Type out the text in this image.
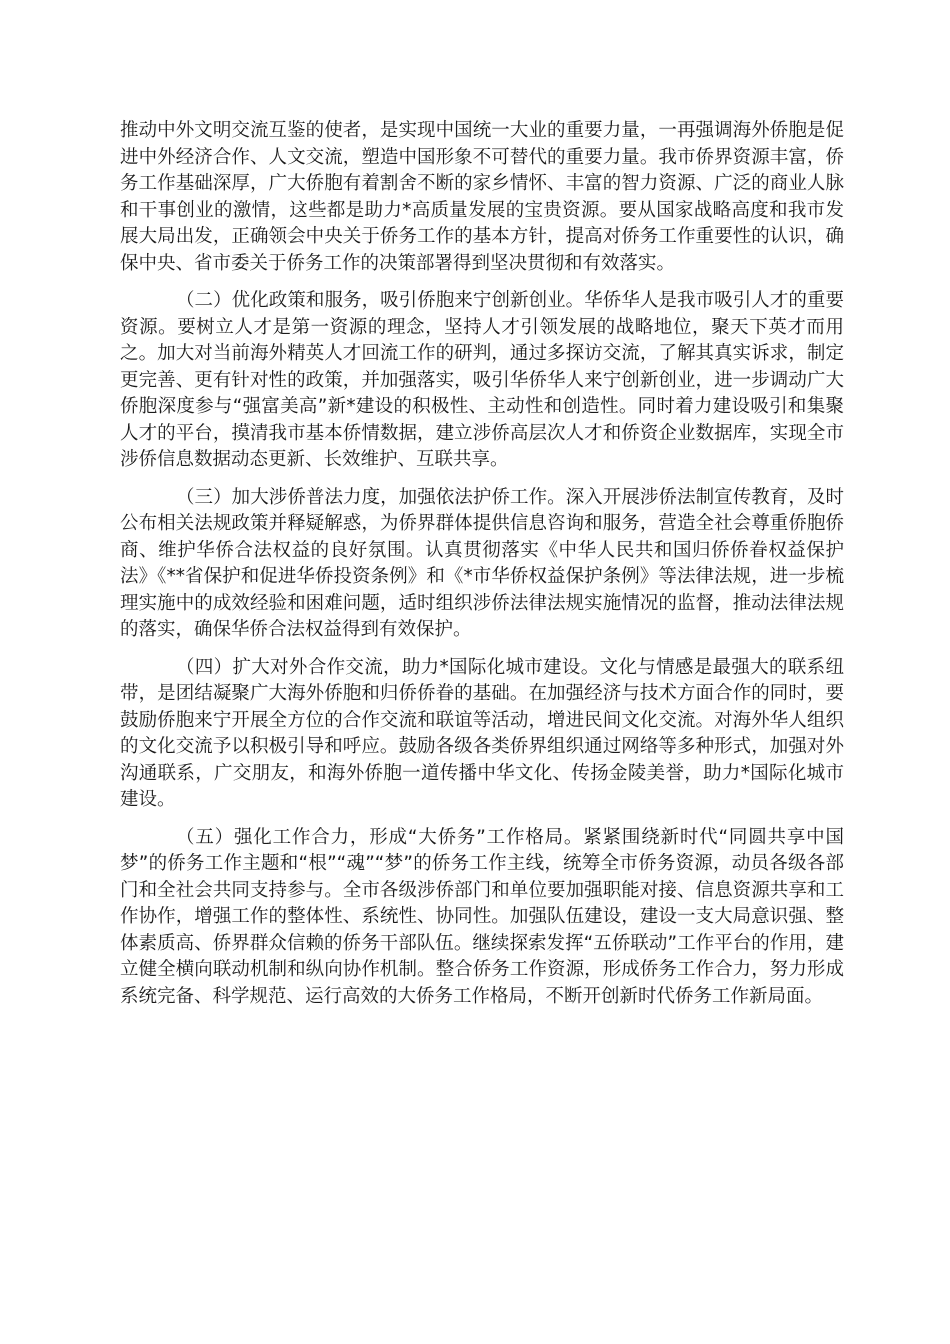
推动中外文明交流互鉴的使者，是实现中国统一大业的重要力量，一再强调海外侨胞是促进中外经济合作、人文交流，塑造中国形象不可替代的重要力量。我市侨界资源丰富，侨务工作基础深厚，广大侨胞有着割舍不断的家乡情怀、丰富的智力资源、广泛的商业人脉和干事创业的激情，这些都是助力*高质量发展的宝贵资源。要从国家战略高度和我市发展大局出发，正确领会中央关于侨务工作的基本方针，提高对侨务工作重要性的认识，确保中央、省市委关于侨务工作的决策部署得到坚决贯彻和有效落实。

（二）优化政策和服务，吸引侨胞来宁创新创业。华侨华人是我市吸引人才的重要资源。要树立人才是第一资源的理念，坚持人才引领发展的战略地位，聚天下英才而用之。加大对当前海外精英人才回流工作的研判，通过多探访交流，了解其真实诉求，制定更完善、更有针对性的政策，并加强落实，吸引华侨华人来宁创新创业，进一步调动广大侨胞深度参与“强富美高”新*建设的积极性、主动性和创造性。同时着力建设吸引和集聚人才的平台，摸清我市基本侨情数据，建立涉侨高层次人才和侨资企业数据库，实现全市涉侨信息数据动态更新、长效维护、互联共享。

（三）加大涉侨普法力度，加强依法护侨工作。深入开展涉侨法制宣传教育，及时公布相关法规政策并释疑解惑，为侨界群体提供信息咨询和服务，营造全社会尊重侨胞侨商、维护华侨合法权益的良好氛围。认真贯彻落实《中华人民共和国归侨侨眷权益保护法》《**省保护和促进华侨投资条例》和《*市华侨权益保护条例》等法律法规，进一步梳理实施中的成效经验和困难问题，适时组织涉侨法律法规实施情况的监督，推动法律法规的落实，确保华侨合法权益得到有效保护。

（四）扩大对外合作交流，助力*国际化城市建设。文化与情感是最强大的联系纽带，是团结凝聚广大海外侨胞和归侨侨眷的基础。在加强经济与技术方面合作的同时，要鼓励侨胞来宁开展全方位的合作交流和联谊等活动，增进民间文化交流。对海外华人组织的文化交流予以积极引导和呼应。鼓励各级各类侨界组织通过网络等多种形式，加强对外沟通联系，广交朋友，和海外侨胞一道传播中华文化、传扬金陵美誉，助力*国际化城市建设。

（五）强化工作合力，形成“大侨务”工作格局。紧紧围绕新时代“同圆共享中国梦”的侨务工作主题和“根”“魂”“梦”的侨务工作主线，统筹全市侨务资源，动员各级各部门和全社会共同支持参与。全市各级涉侨部门和单位要加强职能对接、信息资源共享和工作协作，增强工作的整体性、系统性、协同性。加强队伍建设，建设一支大局意识强、整体素质高、侨界群众信赖的侨务干部队伍。继续探索发挥“五侨联动”工作平台的作用，建立健全横向联动机制和纵向协作机制。整合侨务工作资源，形成侨务工作合力，努力形成系统完备、科学规范、运行高效的大侨务工作格局，不断开创新时代侨务工作新局面。
